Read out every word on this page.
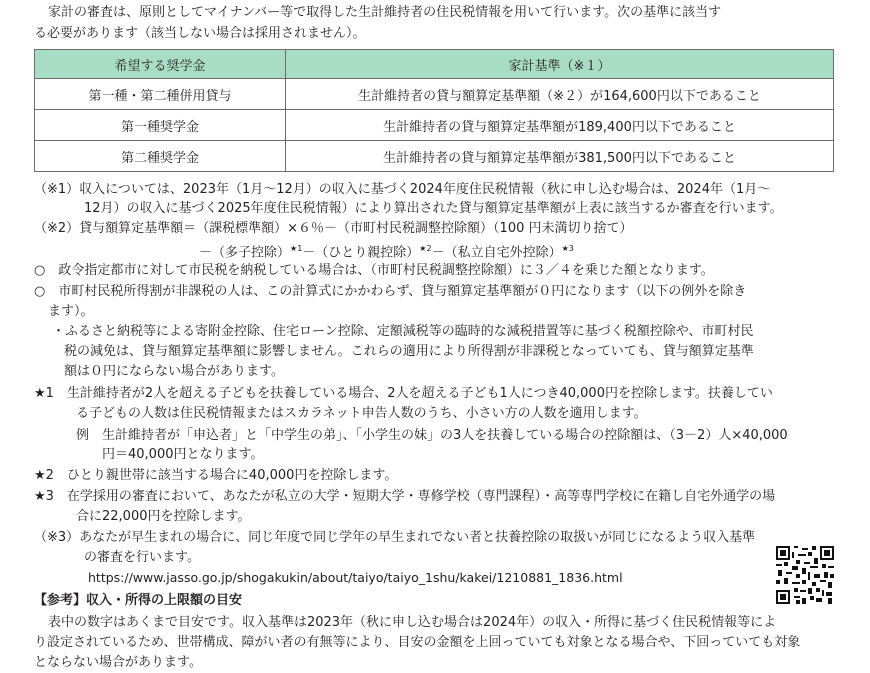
家計の審査は、原則としてマイナンバー等で取得した生計維持者の住民税情報を用いて行います。次の基準に該当す
る必要があります（該当しない場合は採用されません）。
希望する奨学金	家計基準（※１）
第一種・第二種併用貸与	生計維持者の貸与額算定基準額（※２）が164,600円以下であること
第一種奨学金	生計維持者の貸与額算定基準額が189,400円以下であること
第二種奨学金	生計維持者の貸与額算定基準額が381,500円以下であること
（※1）収入については、2023年（1月～12月）の収入に基づく2024年度住民税情報（秋に申し込む場合は、2024年（1月～
12月）の収入に基づく2025年度住民税情報）により算出された貸与額算定基準額が上表に該当するか審査を行います。
（※2）貸与額算定基準額＝（課税標準額）×６％－（市町村民税調整控除額）（100 円未満切り捨て）
－（多子控除）$^{★1}$－（ひとり親控除）$^{★2}$－（私立自宅外控除）$^{★3}$
○　政令指定都市に対して市民税を納税している場合は、（市町村民税調整控除額）に３／４を乗じた額となります。
○　市町村民税所得割が非課税の人は、この計算式にかかわらず、貸与額算定基準額が０円になります（以下の例外を除き
ます）。
・ふるさと納税等による寄附金控除、住宅ローン控除、定額減税等の臨時的な減税措置等に基づく税額控除や、市町村民
税の減免は、貸与額算定基準額に影響しません。これらの適用により所得割が非課税となっていても、貸与額算定基準
額は０円にならない場合があります。
★1　生計維持者が2人を超える子どもを扶養している場合、2人を超える子ども1人につき40,000円を控除します。扶養してい
る子どもの人数は住民税情報またはスカラネット申告人数のうち、小さい方の人数を適用します。
例　生計維持者が「申込者」と「中学生の弟」、「小学生の妹」の3人を扶養している場合の控除額は、（3－2）人×40,000
円＝40,000円となります。
★2　ひとり親世帯に該当する場合に40,000円を控除します。
★3　在学採用の審査において、あなたが私立の大学・短期大学・専修学校（専門課程）・高等専門学校に在籍し自宅外通学の場
合に22,000円を控除します。
（※3）あなたが早生まれの場合に、同じ年度で同じ学年の早生まれでない者と扶養控除の取扱いが同じになるよう収入基準
の審査を行います。
https://www.jasso.go.jp/shogakukin/about/taiyo/taiyo_1shu/kakei/1210881_1836.html
【参考】収入・所得の上限額の目安
表中の数字はあくまで目安です。収入基準は2023年（秋に申し込む場合は2024年）の収入・所得に基づく住民税情報等によ
り設定されているため、世帯構成、障がい者の有無等により、目安の金額を上回っていても対象となる場合や、下回っていても対象
とならない場合があります。
